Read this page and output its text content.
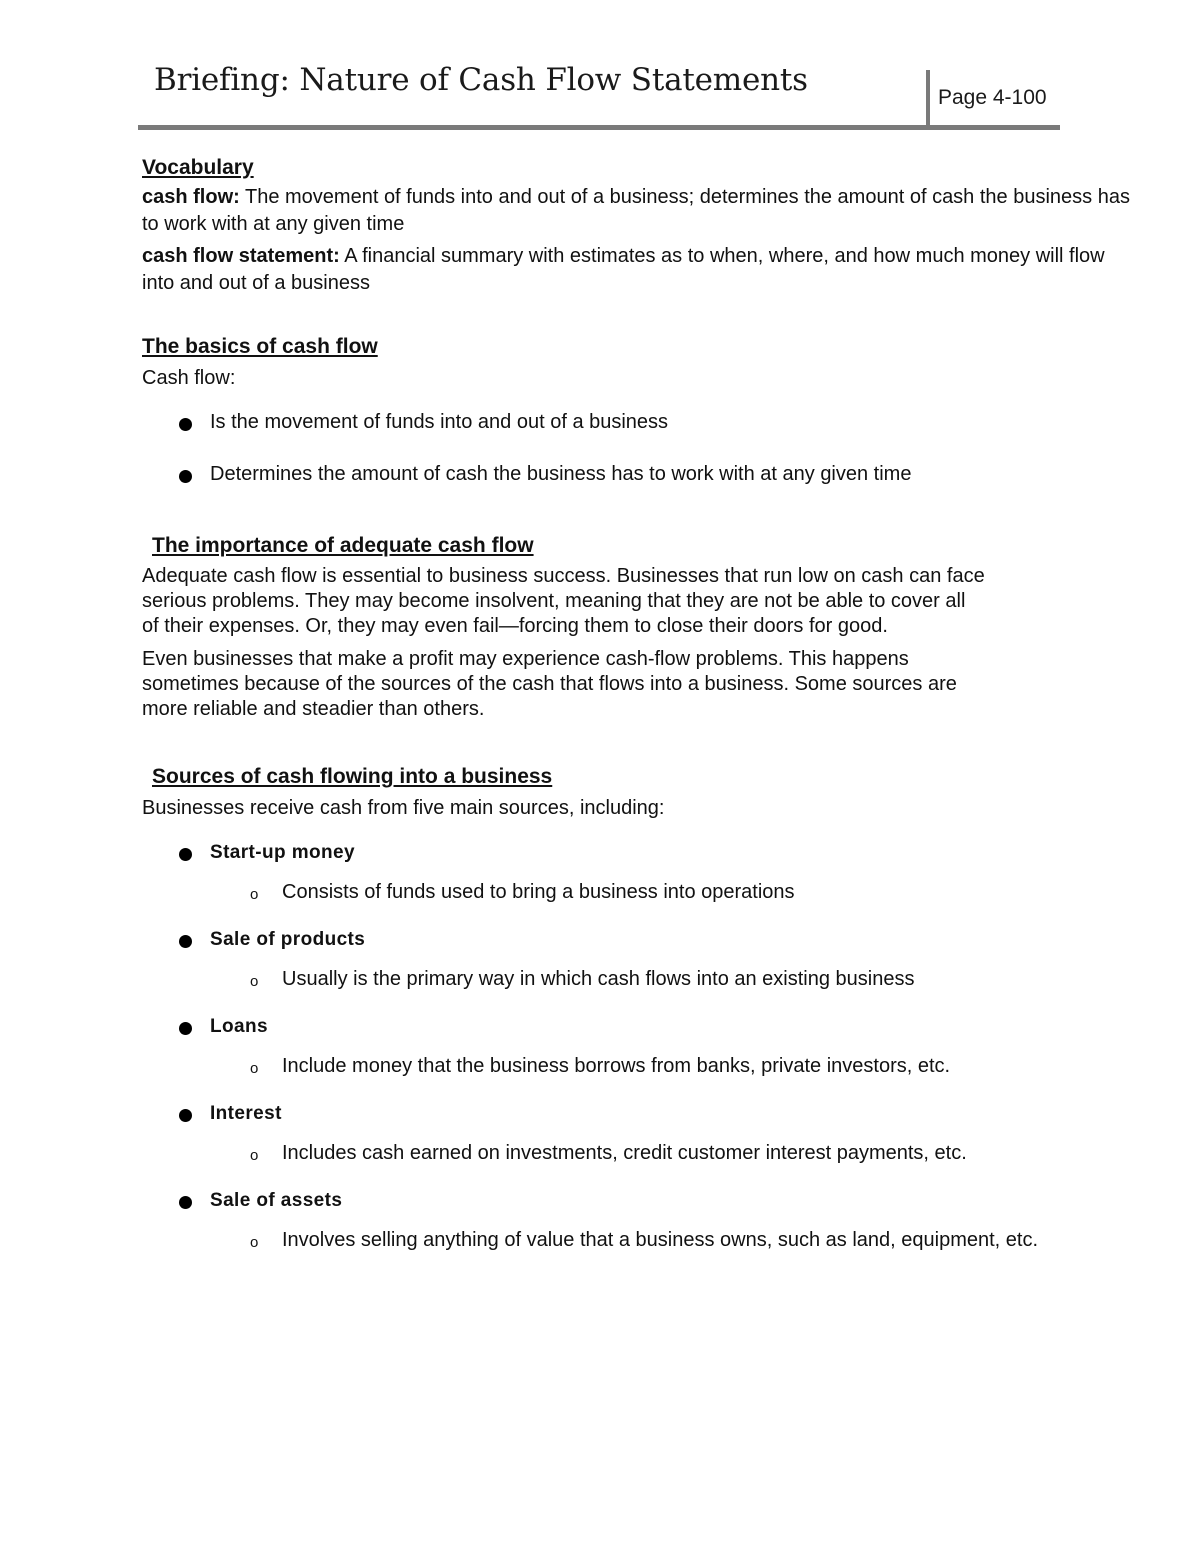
Briefing: Nature of Cash Flow Statements	Page 4-100
Vocabulary
cash flow: The movement of funds into and out of a business; determines the amount of cash the business has to work with at any given time
cash flow statement: A financial summary with estimates as to when, where, and how much money will flow into and out of a business
The basics of cash flow
Cash flow:
Is the movement of funds into and out of a business
Determines the amount of cash the business has to work with at any given time
The importance of adequate cash flow
Adequate cash flow is essential to business success. Businesses that run low on cash can face
serious problems. They may become insolvent, meaning that they are not be able to cover all
of their expenses. Or, they may even fail—forcing them to close their doors for good.
Even businesses that make a profit may experience cash-flow problems. This happens
sometimes because of the sources of the cash that flows into a business. Some sources are
more reliable and steadier than others.
Sources of cash flowing into a business
Businesses receive cash from five main sources, including:
Start-up money
o Consists of funds used to bring a business into operations
Sale of products
o Usually is the primary way in which cash flows into an existing business
Loans
o Include money that the business borrows from banks, private investors, etc.
Interest
o Includes cash earned on investments, credit customer interest payments, etc.
Sale of assets
o Involves selling anything of value that a business owns, such as land, equipment, etc.
